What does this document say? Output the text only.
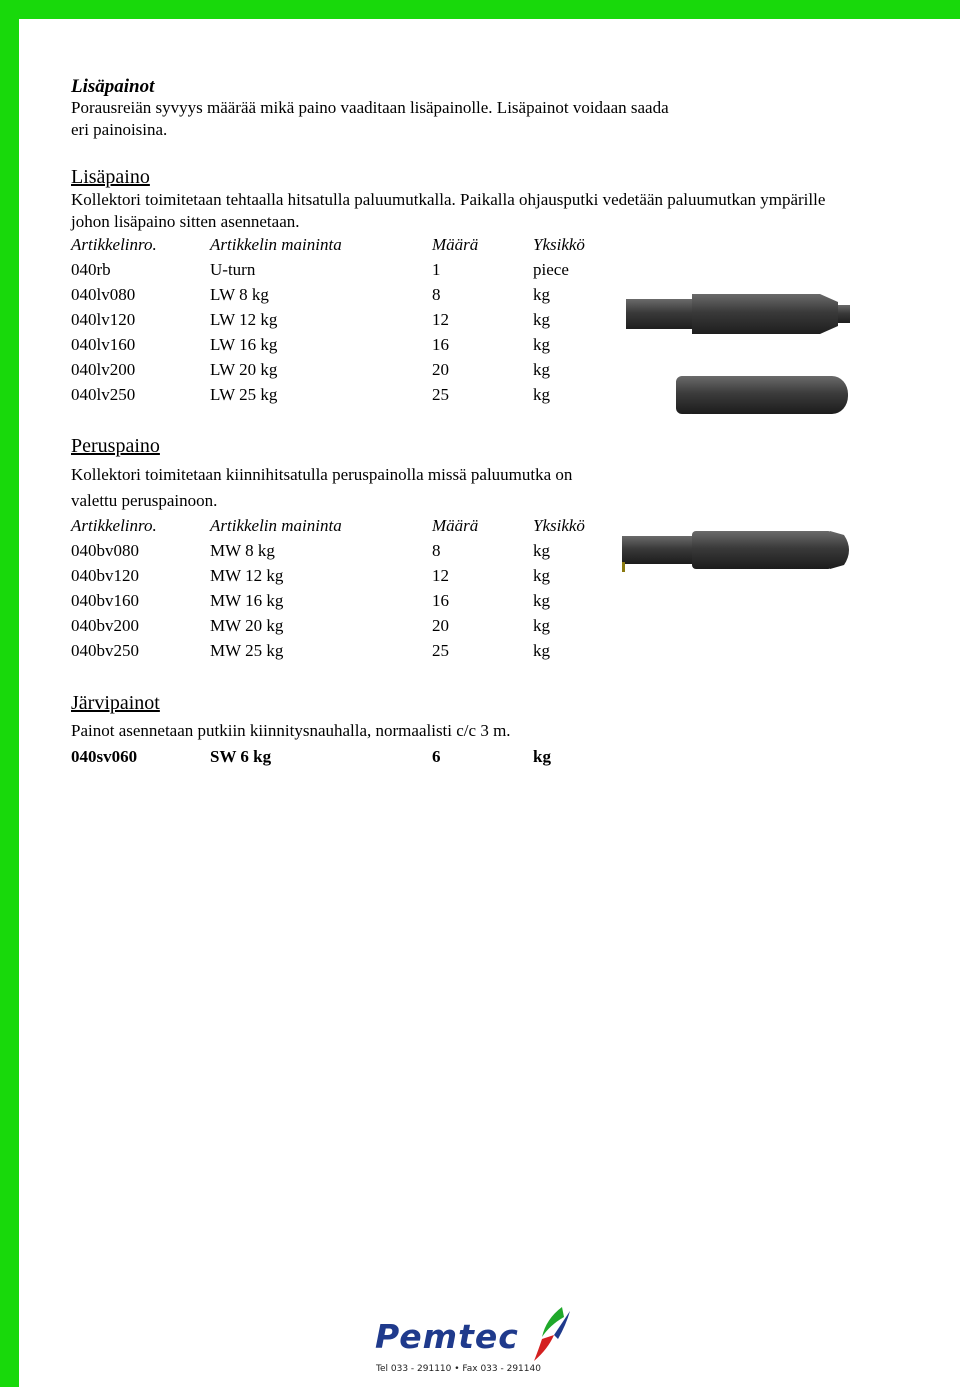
Lisäpainot
Porausreiän syvyys määrää mikä paino vaaditaan lisäpainolle. Lisäpainot voidaan saada
eri painoisina.
Lisäpaino
Kollektori toimitetaan tehtaalla hitsatulla paluumutkalla. Paikalla ohjausputki vedetään paluumutkan ympärille
johon lisäpaino sitten asennetaan.
Artikkelinro.	Artikkelin maininta	Määrä	Yksikkö
040rb	U-turn	1	piece
040lv080	LW 8 kg	8	kg
040lv120	LW 12 kg	12	kg
040lv160	LW 16 kg	16	kg
040lv200	LW 20 kg	20	kg
040lv250	LW 25 kg	25	kg
Peruspaino
Kollektori toimitetaan kiinnihitsatulla peruspainolla missä paluumutka on
valettu peruspainoon.
Artikkelinro.	Artikkelin maininta	Määrä	Yksikkö
040bv080	MW 8 kg	8	kg
040bv120	MW 12 kg	12	kg
040bv160	MW 16 kg	16	kg
040bv200	MW 20 kg	20	kg
040bv250	MW 25 kg	25	kg
Järvipainot
Painot asennetaan putkiin kiinnitysnauhalla, normaalisti c/c 3 m.
040sv060	SW 6 kg	6	kg
Pemtec
Tel 033 - 291110 • Fax 033 - 291140
